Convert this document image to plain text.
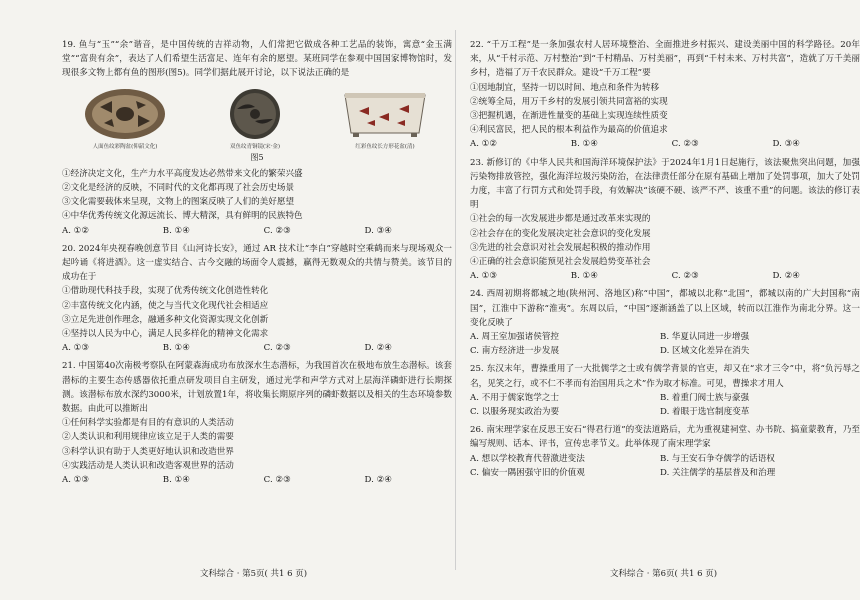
19. 鱼与“玉”“余”谐音，是中国传统的吉祥动物，人们常把它做成各种工艺品的装饰，寓意“金玉满堂”“富贵有余”，表达了人们希望生活富足、连年有余的愿望。某班同学在参观中国国家博物馆时，发现很多文物上都有鱼的图形(图5)。同学们据此展开讨论，以下说法正确的是
人面鱼纹彩陶盆(仰韶文化)	双鱼纹青铜镜(宋·金)	红彩鱼纹长方形花盆(清)
图5
①经济决定文化，生产力水平高度发达必然带来文化的繁荣兴盛
②文化是经济的反映，不同时代的文化都再现了社会历史场景
③文化需要载体来呈现，文物上的图案反映了人们的美好愿望
④中华优秀传统文化源远流长、博大精深，具有鲜明的民族特色
A. ①②	B. ①④	C. ②③	D. ③④
20. 2024年央视春晚创意节目《山河诗长安》，通过 AR 技术让“李白”穿越时空乘鹤而来与现场观众一起吟诵《将进酒》。这一虚实结合、古今交融的场面令人震撼，赢得无数观众的共情与赞美。该节目的成功在于
①借助现代科技手段，实现了优秀传统文化创造性转化
②丰富传统文化内涵，使之与当代文化现代社会相适应
③立足先进创作理念，融通多种文化资源实现文化创新
④坚持以人民为中心，满足人民多样化的精神文化需求
A. ①③	B. ①④	C. ②③	D. ②④
21. 中国第40次南极考察队在阿蒙森海成功布放深水生态潜标，为我国首次在极地布放生态潜标。该套潜标的主要生态传感器依托重点研发项目自主研发，通过光学和声学方式对上层海洋磷虾进行长期探测。该潜标布放水深约3000米，计划放置1年，将收集长期原序列的磷虾数据以及相关的生态环境参数数据。由此可以推断出
①任何科学实验都是有目的有意识的人类活动
②人类认识和利用规律应该立足于人类的需要
③科学认识有助于人类更好地认识和改造世界
④实践活动是人类认识和改造客观世界的活动
A. ①③	B. ①④	C. ②③	D. ②④
22. “千万工程”是一条加强农村人居环境整治、全面推进乡村振兴、建设美丽中国的科学路径。20年来，从“千村示范、万村整治”到“千村精品、万村美丽”，再到“千村未来、万村共富”，造就了万千美丽乡村，造福了万千农民群众。建设“千万工程”要
①因地制宜，坚持一切以时间、地点和条件为转移
②统筹全局，用万千乡村的发展引领共同富裕的实现
③把握机遇，在渐进性量变的基础上实现连续性质变
④利民富民，把人民的根本利益作为最高的价值追求
A. ①②	B. ①④	C. ②③	D. ③④
23. 新修订的《中华人民共和国海洋环境保护法》于2024年1月1日起施行，该法聚焦突出问题，加强污染物排放管控，强化海洋垃圾污染防治，在法律责任部分在原有基础上增加了处罚事项，加大了处罚力度，丰富了行罚方式和处罚手段，有效解决“该硬不硬、该严不严、该重不重”的问题。该法的修订表明
①社会的每一次发展进步都是通过改革来实现的
②社会存在的变化发展决定社会意识的变化发展
③先进的社会意识对社会发展起积极的推动作用
④正确的社会意识能预见社会发展趋势变革社会
A. ①③	B. ①④	C. ②③	D. ②④
24. 西周初期将都城之地(陕州河、洛地区)称“中国”，都城以北称“北国”，都城以南的广大封国称“南国”，江淮中下游称“淮夷”。东周以后，“中国”逐渐涵盖了以上区域，转而以江淮作为南北分界。这一变化反映了
A. 周王室加强诸侯管控	B. 华夏认同进一步增强
C. 南方经济进一步发展	D. 区域文化差异在消失
25. 东汉末年，曹操重用了一大批儒学之士或有儒学背景的官吏，却又在“求才三令”中，将“负污辱之名，见笑之行，或不仁不孝而有治国用兵之术”作为取才标准。可见，曹操求才用人
A. 不用于儒家饱学之士	B. 着重门阀士族与豪强
C. 以服务现实政治为要	D. 着眼于选官制度变革
26. 南宋理学家在反思王安石“得君行道”的变法道路后，尤为重视建祠堂、办书院、搞童蒙教育，乃至编写规则、话本、评书，宣传忠孝节义。此举体现了南宋理学家
A. 想以学校教育代替激进变法	B. 与王安石争夺儒学的话语权
C. 偏安一隅困强守旧的价值观	D. 关注儒学的基层普及和治理
文科综合 · 第5页( 共1 6 页)	文科综合 · 第6页( 共1 6 页)
